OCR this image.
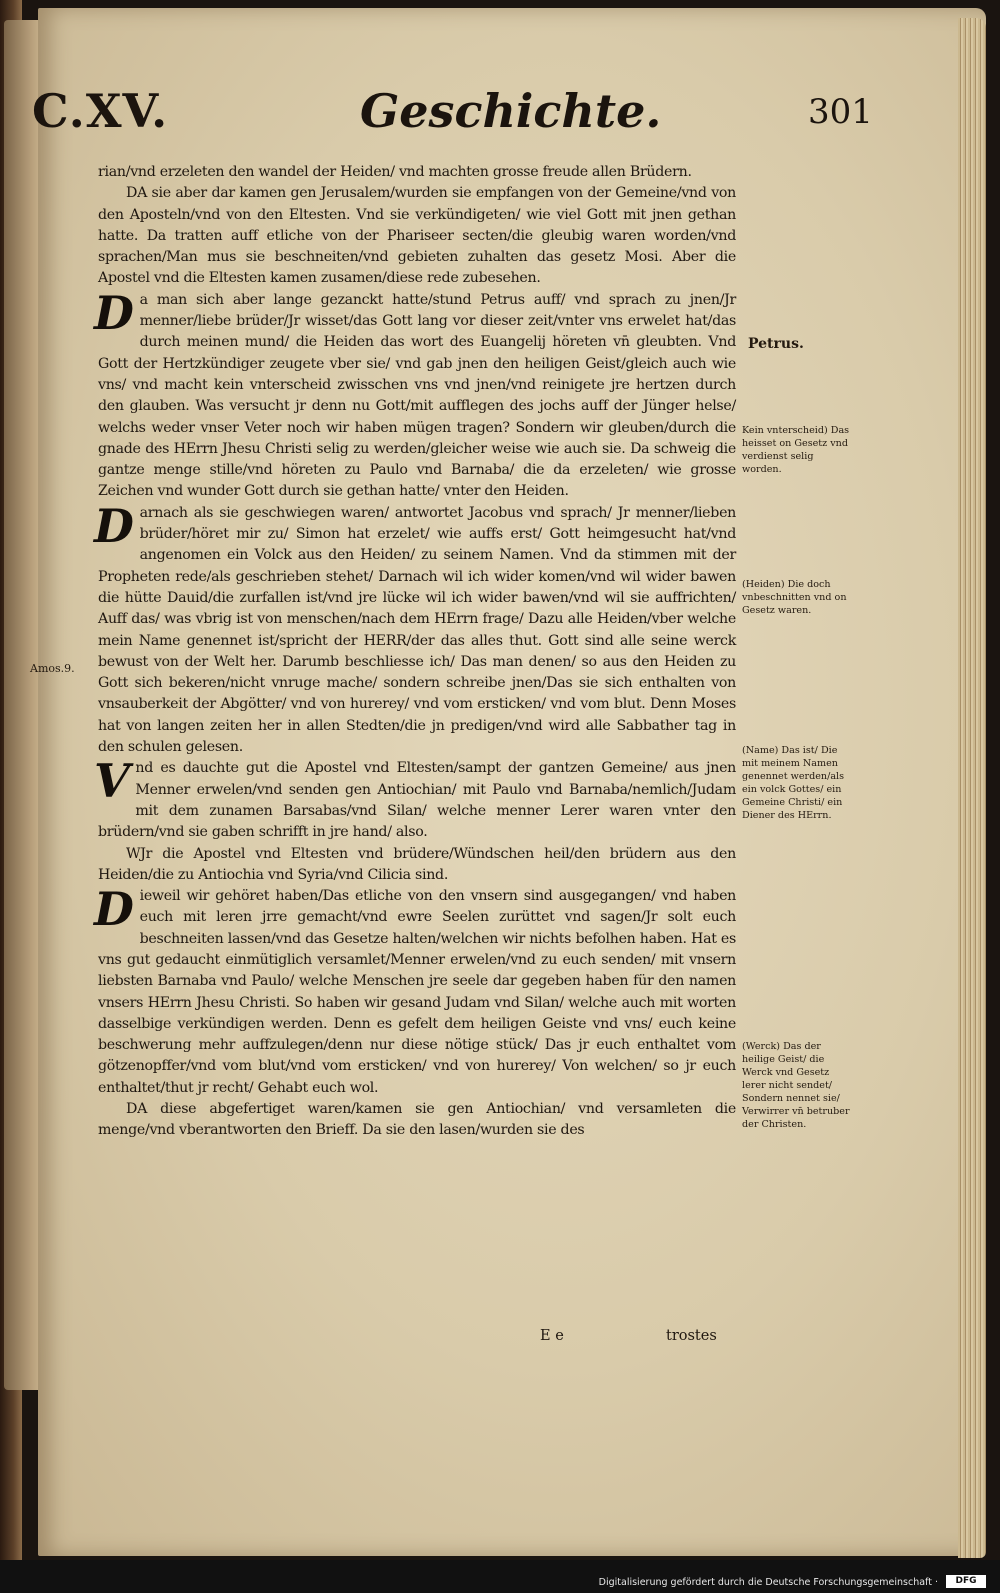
C.XV.	Geschichte.	301
Amos.9.

rian/vnd erzeleten den wandel der Heiden/ vnd machten grosse freude allen Brüdern.

DA sie aber dar kamen gen Jerusalem/wurden sie empfangen von der Gemeine/vnd von den Aposteln/vnd von den Eltesten. Vnd sie verkündigeten/ wie viel Gott mit jnen gethan hatte. Da tratten auff etliche von der Phariseer secten/die gleubig waren worden/vnd sprachen/Man mus sie beschneiten/vnd gebieten zuhalten das gesetz Mosi. Aber die Apostel vnd die Eltesten kamen zusamen/diese rede zubesehen.

Da man sich aber lange gezanckt hatte/stund Petrus auff/ vnd sprach zu jnen/Jr menner/liebe brüder/Jr wisset/das Gott lang vor dieser zeit/vnter vns erwelet hat/das durch meinen mund/ die Heiden das wort des Euangelij höreten vn̄ gleubten. Vnd Gott der Hertzkündiger zeugete vber sie/ vnd gab jnen den heiligen Geist/gleich auch wie vns/ vnd macht kein vnterscheid zwisschen vns vnd jnen/vnd reinigete jre hertzen durch den glauben. Was versucht jr denn nu Gott/mit aufflegen des jochs auff der Jünger helse/ welchs weder vnser Veter noch wir haben mügen tragen? Sondern wir gleuben/durch die gnade des HErrn Jhesu Christi selig zu werden/gleicher weise wie auch sie. Da schweig die gantze menge stille/vnd höreten zu Paulo vnd Barnaba/ die da erzeleten/ wie grosse Zeichen vnd wunder Gott durch sie gethan hatte/ vnter den Heiden.

Darnach als sie geschwiegen waren/ antwortet Jacobus vnd sprach/ Jr menner/lieben brüder/höret mir zu/ Simon hat erzelet/ wie auffs erst/ Gott heimgesucht hat/vnd angenomen ein Volck aus den Heiden/ zu seinem Namen. Vnd da stimmen mit der Propheten rede/als geschrieben stehet/ Darnach wil ich wider komen/vnd wil wider bawen die hütte Dauid/die zurfallen ist/vnd jre lücke wil ich wider bawen/vnd wil sie auffrichten/ Auff das/ was vbrig ist von menschen/nach dem HErrn frage/ Dazu alle Heiden/vber welche mein Name genennet ist/spricht der HERR/der das alles thut. Gott sind alle seine werck bewust von der Welt her. Darumb beschliesse ich/ Das man denen/ so aus den Heiden zu Gott sich bekeren/nicht vnruge mache/ sondern schreibe jnen/Das sie sich enthalten von vnsauberkeit der Abgötter/ vnd von hurerey/ vnd vom ersticken/ vnd vom blut. Denn Moses hat von langen zeiten her in allen Stedten/die jn predigen/vnd wird alle Sabbather tag in den schulen gelesen.

Vnd es dauchte gut die Apostel vnd Eltesten/sampt der gantzen Gemeine/ aus jnen Menner erwelen/vnd senden gen Antiochian/ mit Paulo vnd Barnaba/nemlich/Judam mit dem zunamen Barsabas/vnd Silan/ welche menner Lerer waren vnter den brüdern/vnd sie gaben schrifft in jre hand/ also.

WJr die Apostel vnd Eltesten vnd brüdere/Wündschen heil/den brüdern aus den Heiden/die zu Antiochia vnd Syria/vnd Cilicia sind.

Dieweil wir gehöret haben/Das etliche von den vnsern sind ausgegangen/ vnd haben euch mit leren jrre gemacht/vnd ewre Seelen zurüttet vnd sagen/Jr solt euch beschneiten lassen/vnd das Gesetze halten/welchen wir nichts befolhen haben. Hat es vns gut gedaucht einmütiglich versamlet/Menner erwelen/vnd zu euch senden/ mit vnsern liebsten Barnaba vnd Paulo/ welche Menschen jre seele dar gegeben haben für den namen vnsers HErrn Jhesu Christi. So haben wir gesand Judam vnd Silan/ welche auch mit worten dasselbige verkündigen werden. Denn es gefelt dem heiligen Geiste vnd vns/ euch keine beschwerung mehr auffzulegen/denn nur diese nötige stück/ Das jr euch enthaltet vom götzenopffer/vnd vom blut/vnd vom ersticken/ vnd von hurerey/ Von welchen/ so jr euch enthaltet/thut jr recht/ Gehabt euch wol.

DA diese abgefertiget waren/kamen sie gen Antiochian/ vnd versamleten die menge/vnd vberantworten den Brieff. Da sie den lasen/wurden sie des

Petrus.
Kein vnterscheid) Das heisset on Gesetz vnd verdienst selig worden.
(Heiden) Die doch vnbeschnitten vnd on Gesetz waren.
(Name) Das ist/ Die mit meinem Namen genennet werden/als ein volck Gottes/ ein Gemeine Christi/ ein Diener des HErrn.
(Werck) Das der heilige Geist/ die Werck vnd Gesetz lerer nicht sendet/ Sondern nennet sie/ Verwirrer vn̄ betruber der Christen.
E e	trostes
Digitalisierung gefördert durch die Deutsche Forschungsgemeinschaft ·	DFG
